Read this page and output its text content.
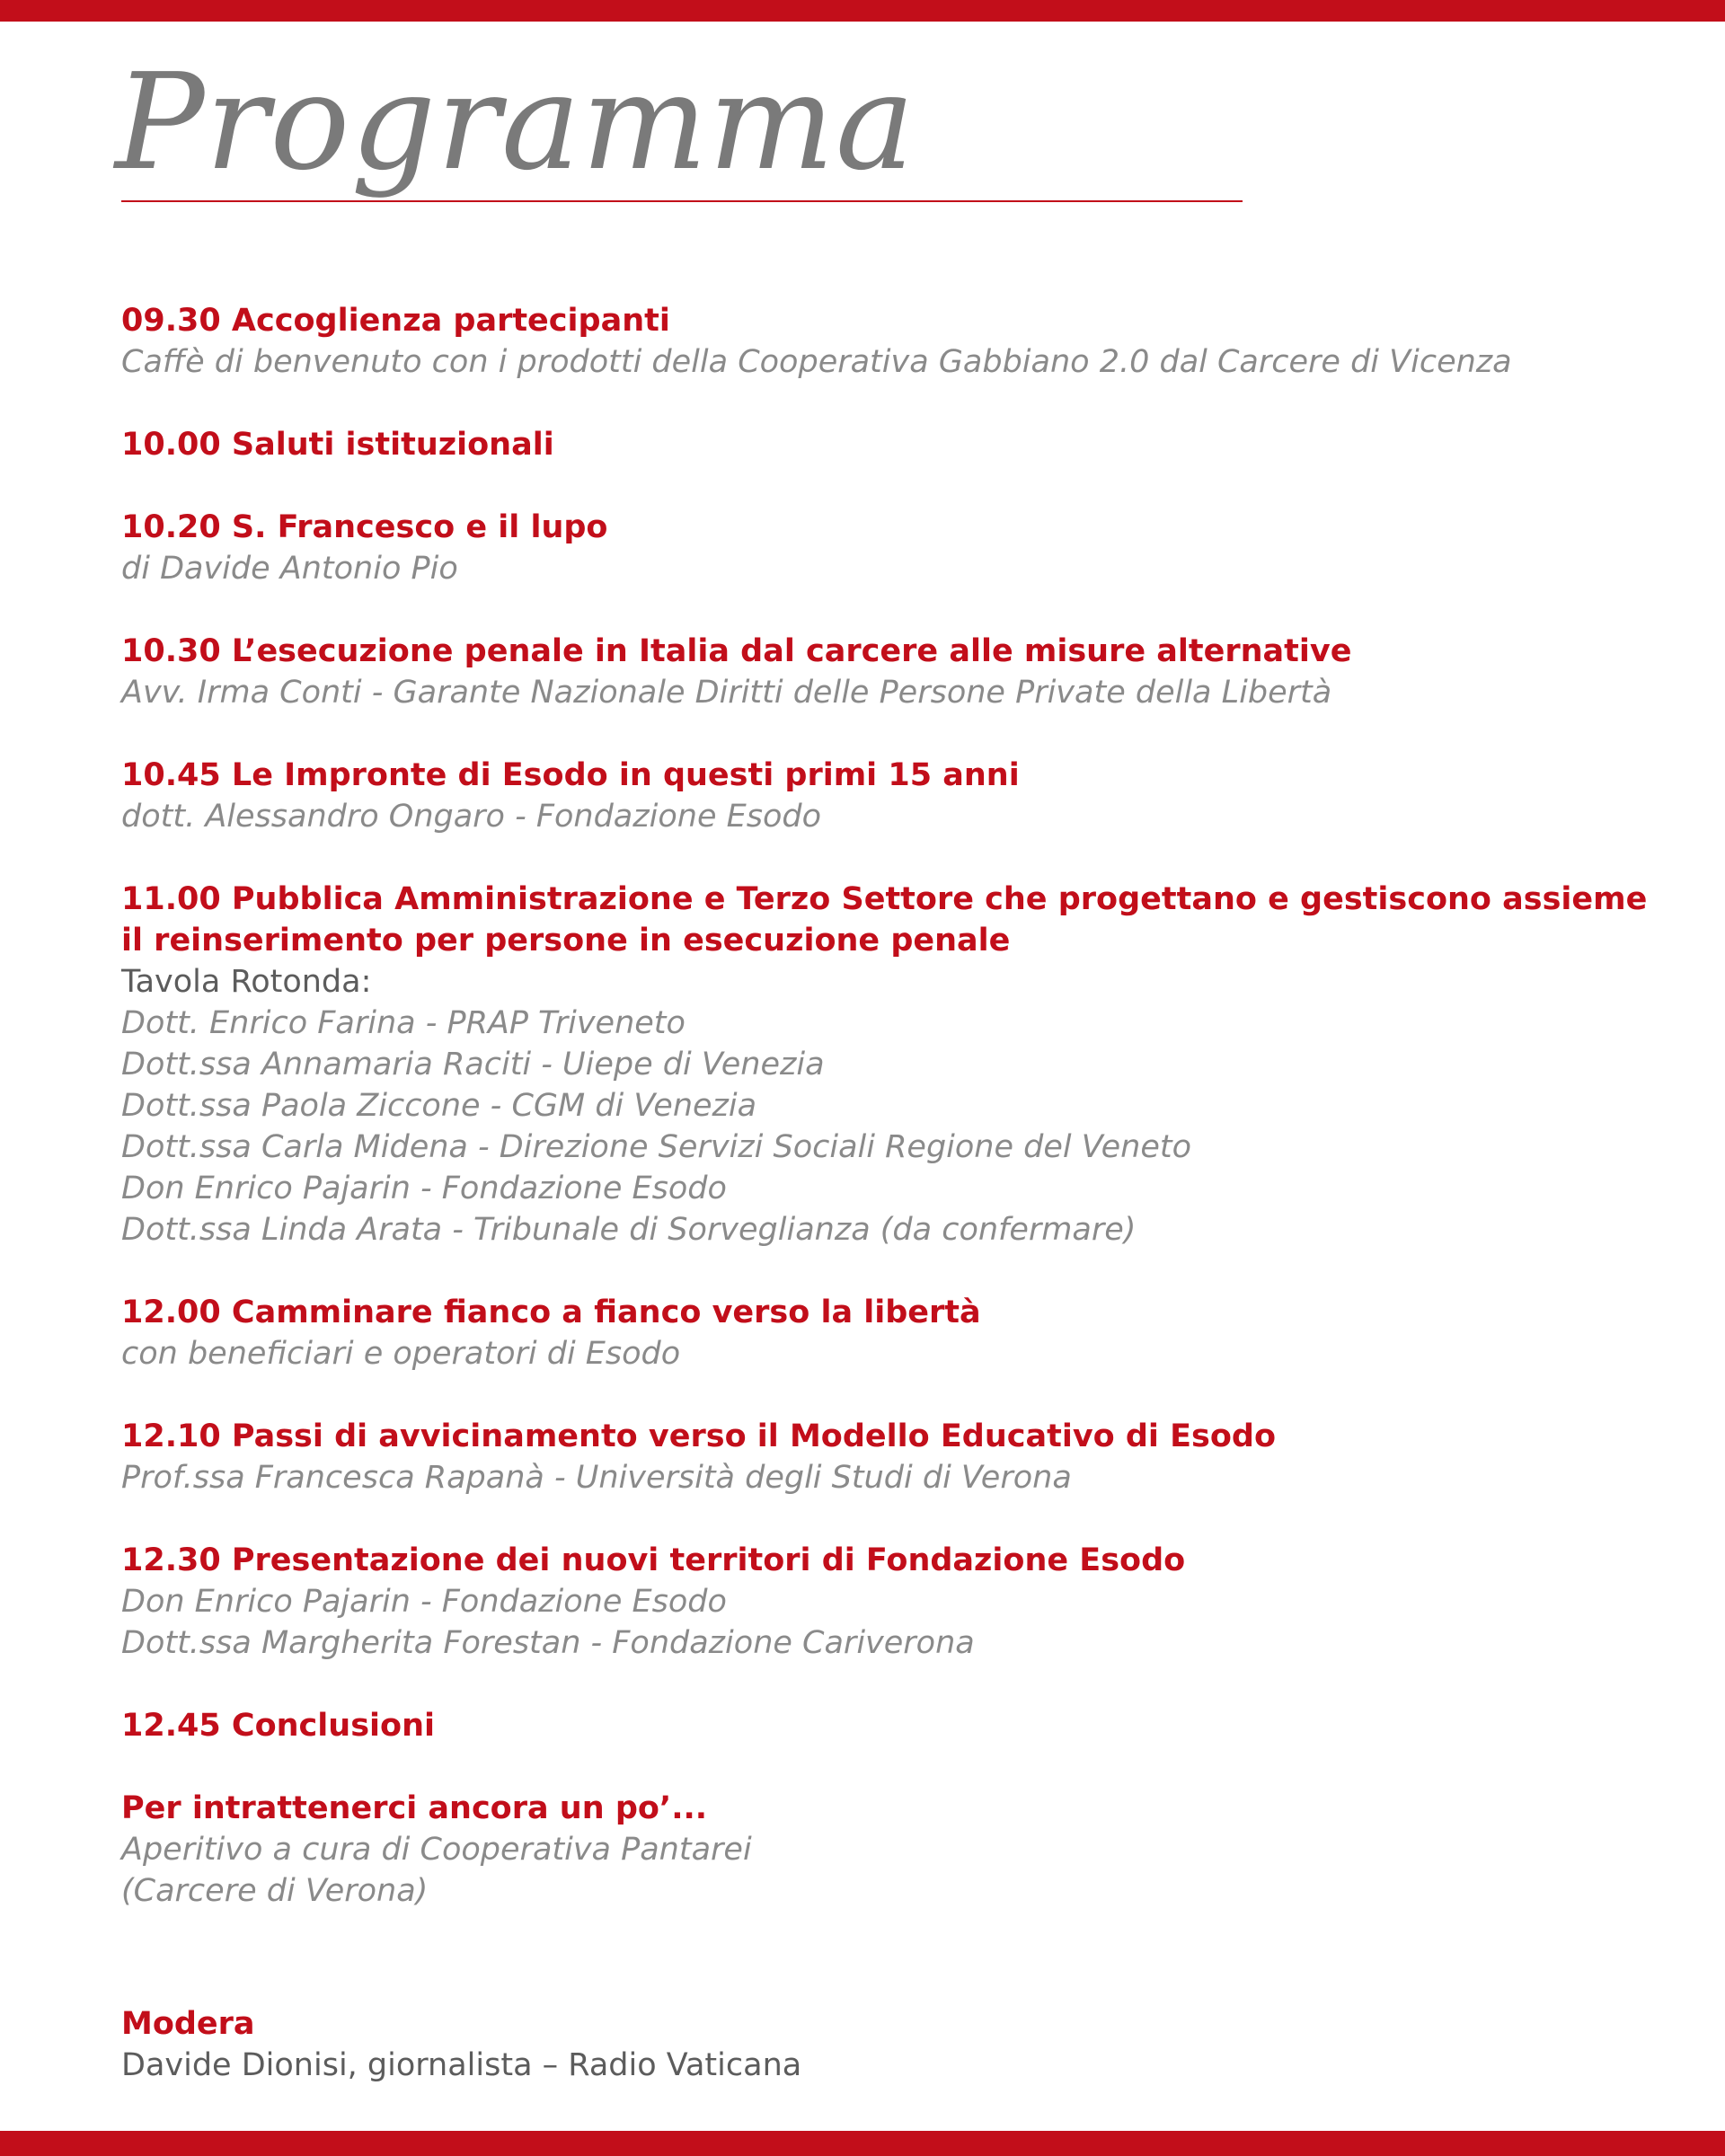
Programma
09.30 Accoglienza partecipanti
Caffè di benvenuto con i prodotti della Cooperativa Gabbiano 2.0 dal Carcere di Vicenza
10.00 Saluti istituzionali
10.20 S. Francesco e il lupo
di Davide Antonio Pio
10.30 L’esecuzione penale in Italia dal carcere alle misure alternative
Avv. Irma Conti - Garante Nazionale Diritti delle Persone Private della Libertà
10.45 Le Impronte di Esodo in questi primi 15 anni
dott. Alessandro Ongaro - Fondazione Esodo
11.00 Pubblica Amministrazione e Terzo Settore che progettano e gestiscono assieme
il reinserimento per persone in esecuzione penale
Tavola Rotonda:
Dott. Enrico Farina - PRAP Triveneto
Dott.ssa Annamaria Raciti - Uiepe di Venezia
Dott.ssa Paola Ziccone - CGM di Venezia
Dott.ssa Carla Midena - Direzione Servizi Sociali Regione del Veneto
Don Enrico Pajarin - Fondazione Esodo
Dott.ssa Linda Arata - Tribunale di Sorveglianza (da confermare)
12.00 Camminare fianco a fianco verso la libertà
con beneficiari e operatori di Esodo
12.10 Passi di avvicinamento verso il Modello Educativo di Esodo
Prof.ssa Francesca Rapanà - Università degli Studi di Verona
12.30 Presentazione dei nuovi territori di Fondazione Esodo
Don Enrico Pajarin - Fondazione Esodo
Dott.ssa Margherita Forestan - Fondazione Cariverona
12.45 Conclusioni
Per intrattenerci ancora un po’...
Aperitivo a cura di Cooperativa Pantarei
(Carcere di Verona)
Modera
Davide Dionisi, giornalista – Radio Vaticana
